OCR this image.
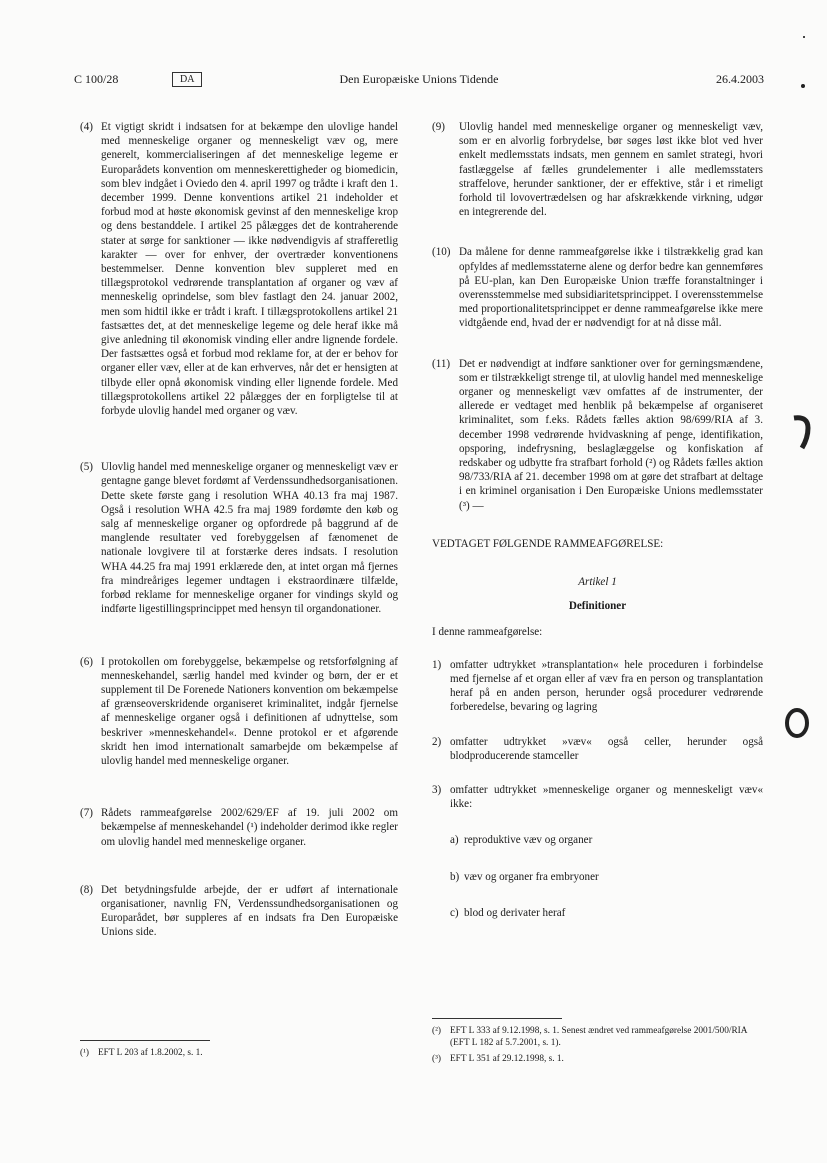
C 100/28	DA	Den Europæiske Unions Tidende	26.4.2003
(4) Et vigtigt skridt i indsatsen for at bekæmpe den ulovlige handel med menneskelige organer og menneskeligt væv og, mere generelt, kommercialiseringen af det menneskelige legeme er Europarådets konvention om menneskerettigheder og biomedicin, som blev indgået i Oviedo den 4. april 1997 og trådte i kraft den 1. december 1999. Denne konventions artikel 21 indeholder et forbud mod at høste økonomisk gevinst af den menneskelige krop og dens bestanddele. I artikel 25 pålægges det de kontraherende stater at sørge for sanktioner — ikke nødvendigvis af strafferetlig karakter — over for enhver, der overtræder konventionens bestemmelser. Denne konvention blev suppleret med en tillægsprotokol vedrørende transplantation af organer og væv af menneskelig oprindelse, som blev fastlagt den 24. januar 2002, men som hidtil ikke er trådt i kraft. I tillægsprotokollens artikel 21 fastsættes det, at det menneskelige legeme og dele heraf ikke må give anledning til økonomisk vinding eller andre lignende fordele. Der fastsættes også et forbud mod reklame for, at der er behov for organer eller væv, eller at de kan erhverves, når det er hensigten at tilbyde eller opnå økonomisk vinding eller lignende fordele. Med tillægsprotokollens artikel 22 pålægges der en forpligtelse til at forbyde ulovlig handel med organer og væv.
(5) Ulovlig handel med menneskelige organer og menneskeligt væv er gentagne gange blevet fordømt af Verdenssundhedsorganisationen. Dette skete første gang i resolution WHA 40.13 fra maj 1987. Også i resolution WHA 42.5 fra maj 1989 fordømte den køb og salg af menneskelige organer og opfordrede på baggrund af de manglende resultater ved forebyggelsen af fænomenet de nationale lovgivere til at forstærke deres indsats. I resolution WHA 44.25 fra maj 1991 erklærede den, at intet organ må fjernes fra mindreåriges legemer undtagen i ekstraordinære tilfælde, forbød reklame for menneskelige organer for vindings skyld og indførte ligestillingsprincippet med hensyn til organdonationer.
(6) I protokollen om forebyggelse, bekæmpelse og retsforfølgning af menneskehandel, særlig handel med kvinder og børn, der er et supplement til De Forenede Nationers konvention om bekæmpelse af grænseoverskridende organiseret kriminalitet, indgår fjernelse af menneskelige organer også i definitionen af udnyttelse, som beskriver »menneskehandel«. Denne protokol er et afgørende skridt hen imod internationalt samarbejde om bekæmpelse af ulovlig handel med menneskelige organer.
(7) Rådets rammeafgørelse 2002/629/EF af 19. juli 2002 om bekæmpelse af menneskehandel (¹) indeholder derimod ikke regler om ulovlig handel med menneskelige organer.
(8) Det betydningsfulde arbejde, der er udført af internationale organisationer, navnlig FN, Verdenssundhedsorganisationen og Europarådet, bør suppleres af en indsats fra Den Europæiske Unions side.
(¹) EFT L 203 af 1.8.2002, s. 1.
(9)	Ulovlig handel med menneskelige organer og menneskeligt væv, som er en alvorlig forbrydelse, bør søges løst ikke blot ved hver enkelt medlemsstats indsats, men gennem en samlet strategi, hvori fastlæggelse af fælles grundelementer i alle medlemsstaters straffelove, herunder sanktioner, der er effektive, står i et rimeligt forhold til lovovertrædelsen og har afskrækkende virkning, udgør en integrerende del.
(10) Da målene for denne rammeafgørelse ikke i tilstrækkelig grad kan opfyldes af medlemsstaterne alene og derfor bedre kan gennemføres på EU-plan, kan Den Europæiske Union træffe foranstaltninger i overensstemmelse med subsidiaritetsprincippet. I overensstemmelse med proportionalitetsprincippet er denne rammeafgørelse ikke mere vidtgående end, hvad der er nødvendigt for at nå disse mål.
(11) Det er nødvendigt at indføre sanktioner over for gerningsmændene, som er tilstrækkeligt strenge til, at ulovlig handel med menneskelige organer og menneskeligt væv omfattes af de instrumenter, der allerede er vedtaget med henblik på bekæmpelse af organiseret kriminalitet, som f.eks. Rådets fælles aktion 98/699/RIA af 3. december 1998 vedrørende hvidvaskning af penge, identifikation, opsporing, indefrysning, beslaglæggelse og konfiskation af redskaber og udbytte fra strafbart forhold (²) og Rådets fælles aktion 98/733/RIA af 21. december 1998 om at gøre det strafbart at deltage i en kriminel organisation i Den Europæiske Unions medlemsstater (³) —
VEDTAGET FØLGENDE RAMMEAFGØRELSE:
Artikel 1
Definitioner
I denne rammeafgørelse:
1) omfatter udtrykket »transplantation« hele proceduren i forbindelse med fjernelse af et organ eller af væv fra en person og transplantation heraf på en anden person, herunder også procedurer vedrørende forberedelse, bevaring og lagring
2) omfatter udtrykket »væv« også celler, herunder også blodproducerende stamceller
3) omfatter udtrykket »menneskelige organer og menneskeligt væv« ikke:
a) reproduktive væv og organer
b) væv og organer fra embryoner
c) blod og derivater heraf
(²) EFT L 333 af 9.12.1998, s. 1. Senest ændret ved rammeafgørelse 2001/500/RIA (EFT L 182 af 5.7.2001, s. 1).
(³) EFT L 351 af 29.12.1998, s. 1.
